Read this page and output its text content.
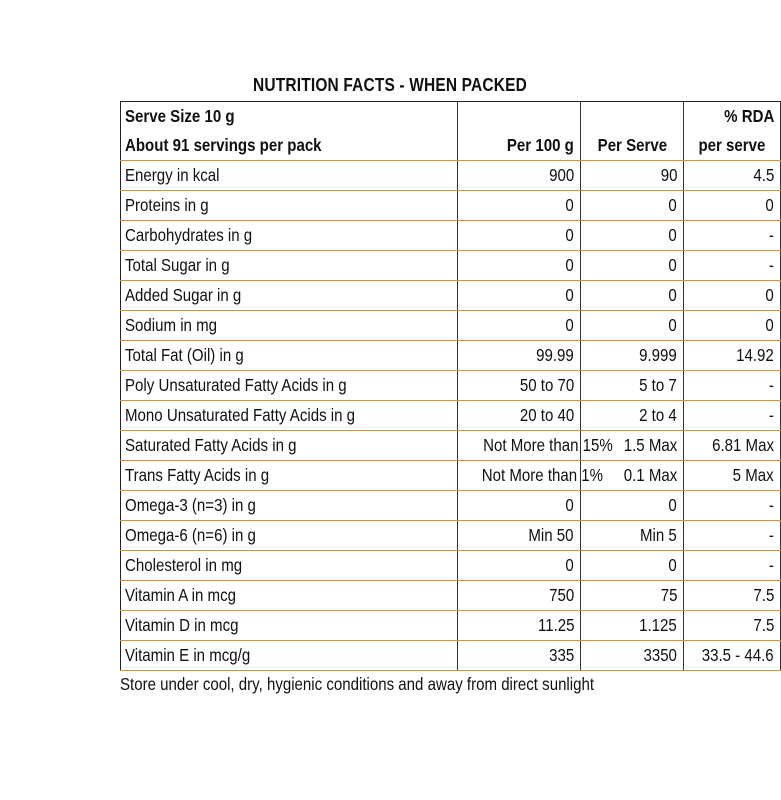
NUTRITION FACTS - WHEN PACKED
Serve Size 10 g			% RDA
About 91 servings per pack	Per 100 g	Per Serve	per serve
Energy in kcal	900	90	4.5
Proteins in g	0	0	0
Carbohydrates in g	0	0	-
Total Sugar in g	0	0	-
Added Sugar in g	0	0	0
Sodium in mg	0	0	0
Total Fat (Oil) in g	99.99	9.999	14.92
Poly Unsaturated Fatty Acids in g	50 to 70	5 to 7	-
Mono Unsaturated Fatty Acids in g	20 to 40	2 to 4	-
Saturated Fatty Acids in g	Not More than 15%	1.5 Max	6.81 Max
Trans Fatty Acids in g	Not More than 1%	0.1 Max	5 Max
Omega-3 (n=3) in g	0	0	-
Omega-6 (n=6) in g	Min 50	Min 5	-
Cholesterol in mg	0	0	-
Vitamin A in mcg	750	75	7.5
Vitamin D in mcg	11.25	1.125	7.5
Vitamin E in mcg/g	335	3350	33.5 - 44.6
Store under cool, dry, hygienic conditions and away from direct sunlight
